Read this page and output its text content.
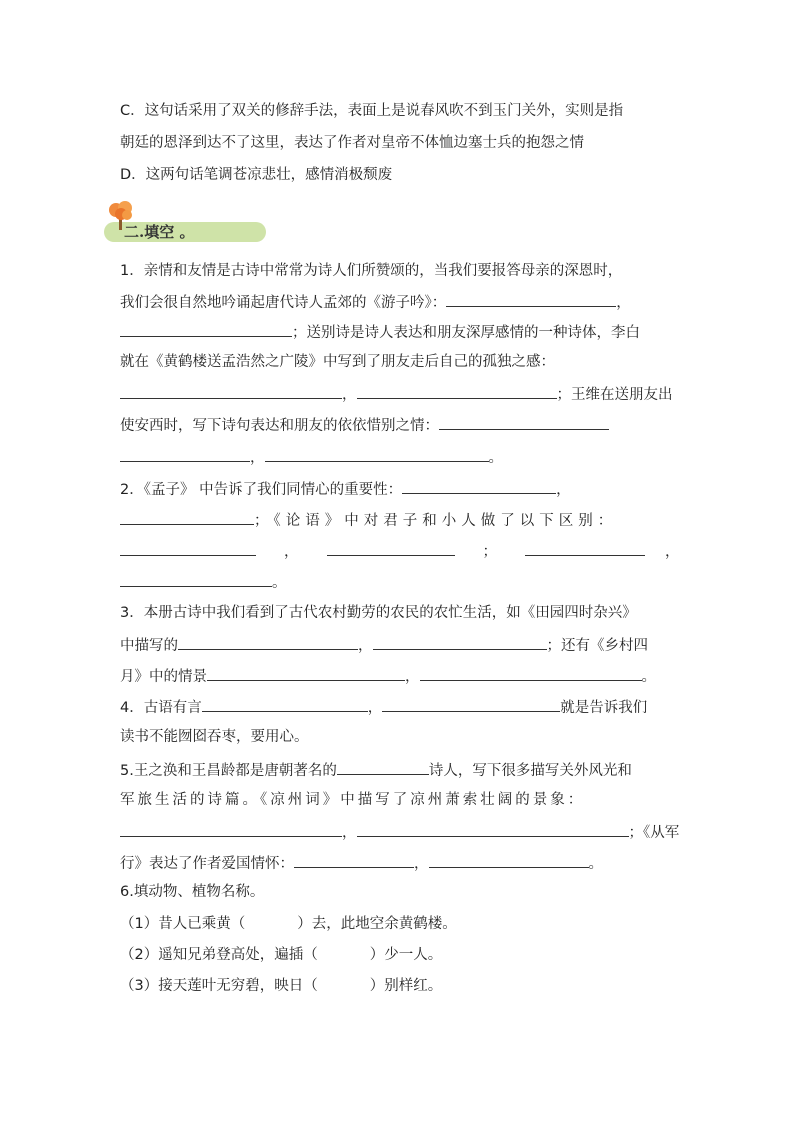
C．这句话采用了双关的修辞手法，表面上是说春风吹不到玉门关外，实则是指
朝廷的恩泽到达不了这里，表达了作者对皇帝不体恤边塞士兵的抱怨之情
D．这两句话笔调苍凉悲壮，感情消极颓废
二.填空 。
1．亲情和友情是古诗中常常为诗人们所赞颂的，当我们要报答母亲的深恩时，
我们会很自然地吟诵起唐代诗人孟郊的《游子吟》：	，
；送别诗是诗人表达和朋友深厚感情的一种诗体，李白
就在《黄鹤楼送孟浩然之广陵》中写到了朋友走后自己的孤独之感：
，	；王维在送朋友出
使安西时，写下诗句表达和朋友的依依惜别之情：
，	。
2．《孟子》 中告诉了我们同情心的重要性：	，
；《论语》中对君子和小人做了以下区别：
，	；	，
。
3．本册古诗中我们看到了古代农村勤劳的农民的农忙生活，如《田园四时杂兴》
中描写的	，	；还有《乡村四
月》中的情景	，	。
4．古语有言	，	就是告诉我们
读书不能囫囵吞枣，要用心。
5.王之涣和王昌龄都是唐朝著名的	诗人，写下很多描写关外风光和
军旅生活的诗篇。《凉州词》中描写了凉州萧索壮阔的景象：
，	；《从军
行》表达了作者爱国情怀：	，	。
6.填动物、植物名称。
（1）昔人已乘黄（	）去，此地空余黄鹤楼。
（2）遥知兄弟登高处，遍插（	）少一人。
（3）接天莲叶无穷碧，映日（	）别样红。
